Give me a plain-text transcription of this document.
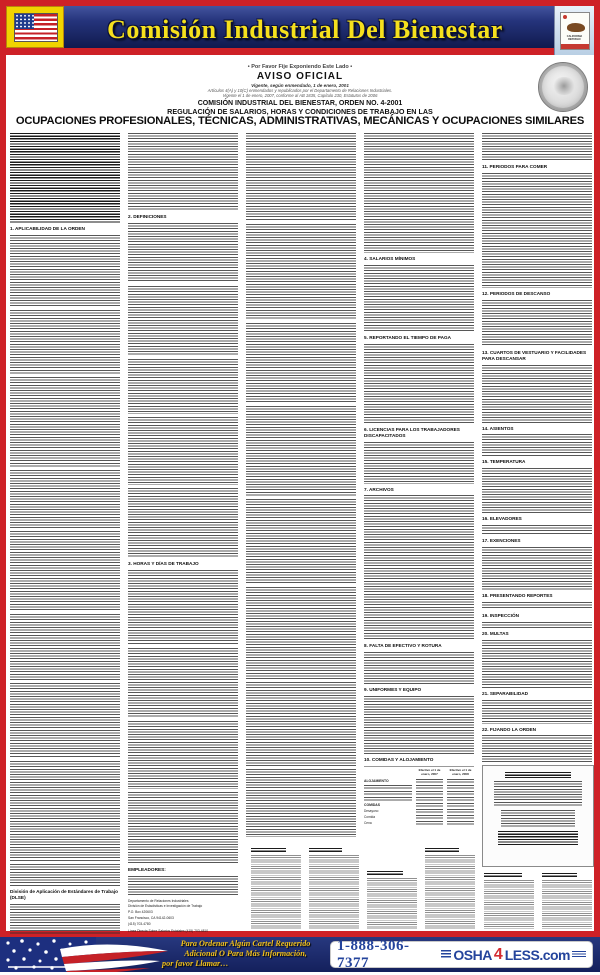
Comisión Industrial Del Bienestar	CALIFORNIA REPUBLIC
• Por Favor Fije Exponiendo Este Lado •
AVISO OFICIAL
Vigente, según enmendado, 1 de enero, 2001
Artículos 4(A) y 10(C) enmendados y republicados por el Departamento de Relaciones Industriales.
Vigente el 1 de enero, 2007, conforme al AB 1835, Capítulo 230, Estatutos de 2006
COMISIÓN INDUSTRIAL DEL BIENESTAR, ORDEN NO. 4-2001
REGULACIÓN DE SALARIOS, HORAS Y CONDICIONES DE TRABAJO EN LAS
OCUPACIONES PROFESIONALES, TÉCNICAS, ADMINISTRATIVAS, MECÁNICAS Y OCUPACIONES SIMILARES
1. APLICABILIDAD DE LA ORDEN
División de Aplicación de Estándares de Trabajo (DLSE)
2. DEFINICIONES
3. HORAS Y DÍAS DE TRABAJO
EMPLEADORES:

Departamento de Relaciones Industriales

División de Estadísticas e Investigación de Trabajo

P.O. Box 420603

San Francisco, CA 94142-0603

(415) 703-4780

Línea Directa Sobre Salarios Estatales (415) 703-4810

4. SALARIOS MÍNIMOS
5. REPORTANDO EL TIEMPO DE PAGA
6. LICENCIAS PARA LOS TRABAJADORES DISCAPACITADOS
7. ARCHIVOS
8. FALTA DE EFECTIVO Y ROTURA
9. UNIFORMES Y EQUIPO
10. COMIDAS Y ALOJAMIENTO
Efectivo el 1 de enero, 2007
Efectivo el 1 de enero, 2008
ALOJAMIENTO
COMIDAS
Desayuno
Comida
Cena
11. PERIODOS PARA COMER
12. PERIODOS DE DESCANSO
13. CUARTOS DE VESTUARIO Y FACILIDADES PARA DESCANSAR
14. ASIENTOS
15. TEMPERATURA
16. ELEVADORES
17. EXENCIONES
18. PRESENTANDO REPORTES
19. INSPECCIÓN
20. MULTAS
21. SEPARABILIDAD
22. FIJANDO LA ORDEN
Para Ordenar Algún Cartel Requerido
Adicional O Para Más Información,
por favor Llamar…
1-888-306-7377	OSHA 4 LESS.com
